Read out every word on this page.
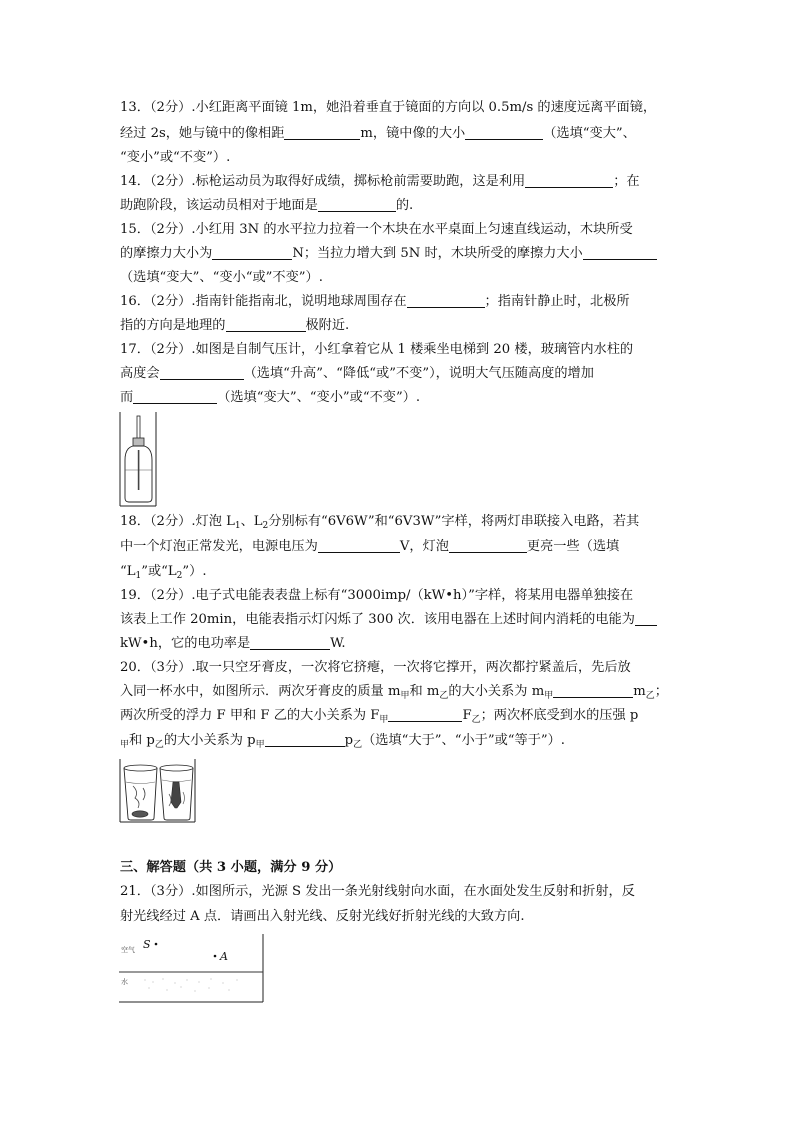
13．（2分）.小红距离平面镜 1m，她沿着垂直于镜面的方向以 0.5m/s 的速度远离平面镜，
经过 2s，她与镜中的像相距	m，镜中像的大小	（选填“变大”、
“变小”或“不变”）.
14．（2分）.标枪运动员为取得好成绩，掷标枪前需要助跑，这是利用	；在
助跑阶段，该运动员相对于地面是	的.
15．（2分）.小红用 3N 的水平拉力拉着一个木块在水平桌面上匀速直线运动，木块所受
的摩擦力大小为	N；当拉力增大到 5N 时，木块所受的摩擦力大小
（选填“变大”、“变小“或”不变”）.
16．（2分）.指南针能指南北，说明地球周围存在	；指南针静止时，北极所
指的方向是地理的	极附近.
17．（2分）.如图是自制气压计，小红拿着它从 1 楼乘坐电梯到 20 楼，玻璃管内水柱的
高度会	（选填“升高”、“降低“或”不变”），说明大气压随高度的增加
而	（选填“变大”、“变小”或“不变”）.
18．（2分）.灯泡 $L_1$、$L_2$分别标有“6V6W”和“6V3W”字样，将两灯串联接入电路，若其
中一个灯泡正常发光，电源电压为	V，灯泡	更亮一些（选填
“$L_1$”或“$L_2$”）.
19．（2分）.电子式电能表表盘上标有“3000imp/（kW•h）”字样，将某用电器单独接在
该表上工作 20min，电能表指示灯闪烁了 300 次．该用电器在上述时间内消耗的电能为
kW•h，它的电功率是	W.
20．（3分）.取一只空牙膏皮，一次将它挤瘪，一次将它撑开，两次都拧紧盖后，先后放
入同一杯水中，如图所示．两次牙膏皮的质量 $m_甲$和 $m_乙$的大小关系为 $m_甲$	$m_乙$；
两次所受的浮力 F 甲和 F 乙的大小关系为 $F_甲$	$F_乙$；两次杯底受到水的压强 p
$_甲$和 $p_乙$的大小关系为 $p_甲$	$p_乙$（选填“大于”、“小于”或“等于”）.
三、解答题（共 3 小题，满分 9 分）
21．（3分）.如图所示，光源 S 发出一条光射线射向水面，在水面处发生反射和折射，反
射光线经过 A 点．请画出入射光线、反射光线好折射光线的大致方向.
空气
水
S
A
